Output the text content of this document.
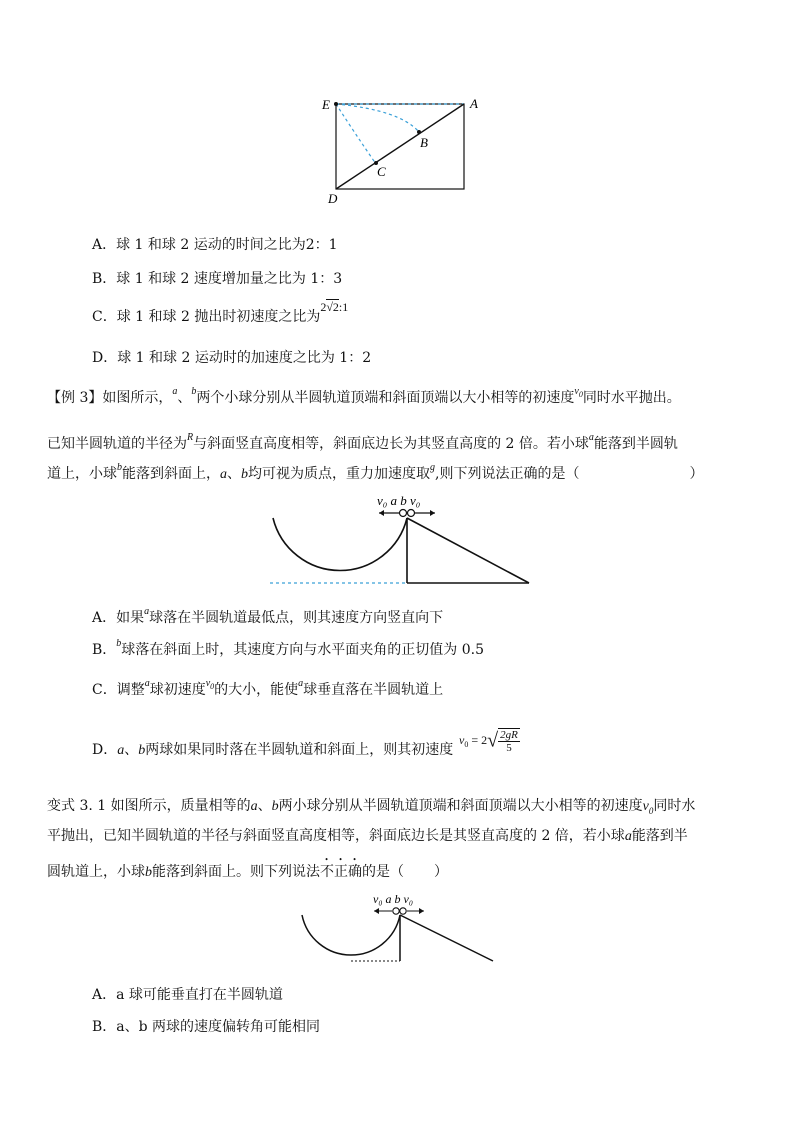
E	A
B
C
D
A．球 1 和球 2 运动的时间之比为2：1
B．球 1 和球 2 速度增加量之比为 1：3
C．球 1 和球 2 抛出时初速度之比为2√2:1
D．球 1 和球 2 运动时的加速度之比为 1：2
【例 3】如图所示，$^a$、$^b$两个小球分别从半圆轨道顶端和斜面顶端以大小相等的初速度$^{v_0}$同时水平抛出。
已知半圆轨道的半径为$^R$与斜面竖直高度相等，斜面底边长为其竖直高度的 2 倍。若小球$^a$能落到半圆轨
道上，小球$^b$能落到斜面上，a、b均可视为质点，重力加速度取$^g$,则下列说法正确的是（	）
v₀ a b v₀
A．如果$^a$球落在半圆轨道最低点，则其速度方向竖直向下
B．$^b$球落在斜面上时，其速度方向与水平面夹角的正切值为 0.5
C．调整$^a$球初速度$^{v_0}$的大小，能使$^a$球垂直落在半圆轨道上
D．a、b两球如果同时落在半圆轨道和斜面上，则其初速度
$v_0 = 2√ \frac{2gR}{5}$
变式 3. 1 如图所示，质量相等的a、b两小球分别从半圆轨道顶端和斜面顶端以大小相等的初速度$v_0$同时水
平抛出，已知半圆轨道的半径与斜面竖直高度相等，斜面底边长是其竖直高度的 2 倍，若小球a能落到半
圆轨道上，小球b能落到斜面上。则下列说法不正确的是（ ）
v₀ a b v₀
A．a 球可能垂直打在半圆轨道
B．a、b 两球的速度偏转角可能相同
